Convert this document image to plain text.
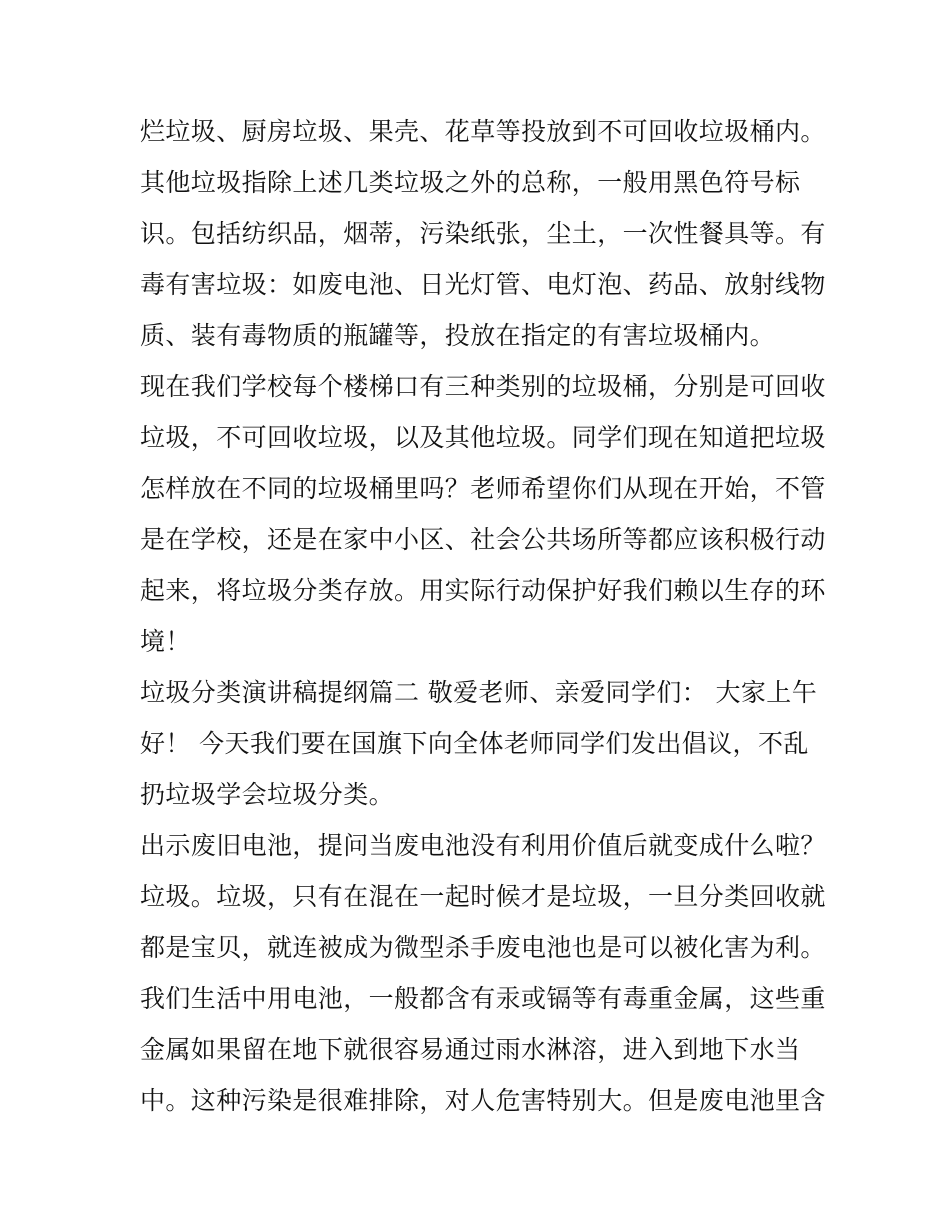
烂垃圾、厨房垃圾、果壳、花草等投放到不可回收垃圾桶内。
其他垃圾指除上述几类垃圾之外的总称，一般用黑色符号标
识。包括纺织品，烟蒂，污染纸张，尘土，一次性餐具等。有
毒有害垃圾：如废电池、日光灯管、电灯泡、药品、放射线物
质、装有毒物质的瓶罐等，投放在指定的有害垃圾桶内。
现在我们学校每个楼梯口有三种类别的垃圾桶，分别是可回收
垃圾，不可回收垃圾，以及其他垃圾。同学们现在知道把垃圾
怎样放在不同的垃圾桶里吗？老师希望你们从现在开始，不管
是在学校，还是在家中小区、社会公共场所等都应该积极行动
起来，将垃圾分类存放。用实际行动保护好我们赖以生存的环
境！
垃圾分类演讲稿提纲篇二 敬爱老师、亲爱同学们： 大家上午
好！ 今天我们要在国旗下向全体老师同学们发出倡议，不乱
扔垃圾学会垃圾分类。
出示废旧电池，提问当废电池没有利用价值后就变成什么啦？
垃圾。垃圾，只有在混在一起时候才是垃圾，一旦分类回收就
都是宝贝，就连被成为微型杀手废电池也是可以被化害为利。
我们生活中用电池，一般都含有汞或镉等有毒重金属，这些重
金属如果留在地下就很容易通过雨水淋溶，进入到地下水当
中。这种污染是很难排除，对人危害特别大。但是废电池里含
